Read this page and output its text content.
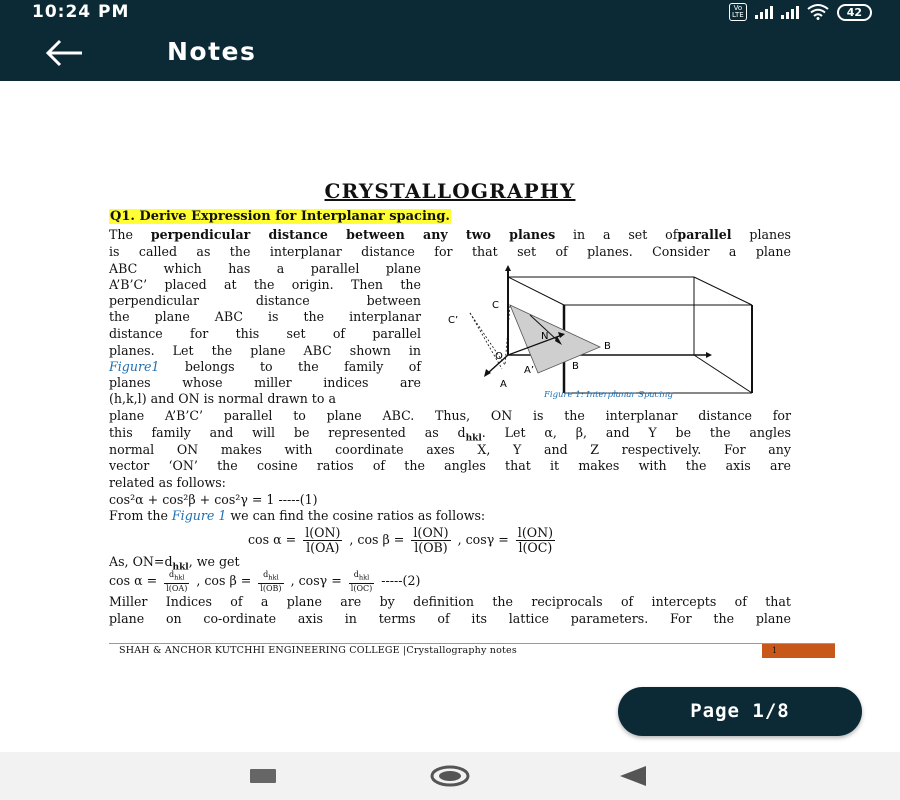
10:24 PM	Vo
LTE	42
Notes
CRYSTALLOGRAPHY
Q1. Derive Expression for Interplanar spacing.
The perpendicular distance between any two planes in a set ofparallel planes
is called as the interplanar distance for that set of planes. Consider a plane
ABC which has a parallel plane
A’B’C’ placed at the origin. Then the
perpendicular distance between
the plane ABC is the interplanar
distance for this set of parallel
planes. Let the plane ABC shown in
Figure1 belongs to the family of
planes whose miller indices are
(h,k,l) and ON is normal drawn to a
C
C’
N
B
O
A’	B
A
Figure 1: Interplanar Spacing
plane A’B’C’ parallel to plane ABC. Thus, ON is the interplanar distance for
this family and will be represented as $d_{hkl}$. Let α, β, and Υ be the angles
normal ON makes with coordinate axes X, Y and Z respectively. For any
vector ‘ON’ the cosine ratios of the angles that it makes with the axis are
related as follows:
cos²α + cos²β + cos²γ = 1 -----(1)
From the Figure 1 we can find the cosine ratios as follows:
$\cos \alpha = \frac{l(ON)}{l(OA)}$ , $\cos \beta = \frac{l(ON)}{l(OB)}$ , $\cos\gamma = \frac{l(ON)}{l(OC)}$
As, $ON=d_{hkl}$, we get
$\cos \alpha = \frac{d_{hkl}}{l(OA)}$ , $\cos \beta = \frac{d_{hkl}}{l(OB)}$ , $\cos\gamma = \frac{d_{hkl}}{l(OC)} -----(2)$
Miller Indices of a plane are by definition the reciprocals of intercepts of that
plane on co-ordinate axis in terms of its lattice parameters. For the plane
SHAH & ANCHOR KUTCHHI ENGINEERING COLLEGE |Crystallography notes	1
Page 1/8
